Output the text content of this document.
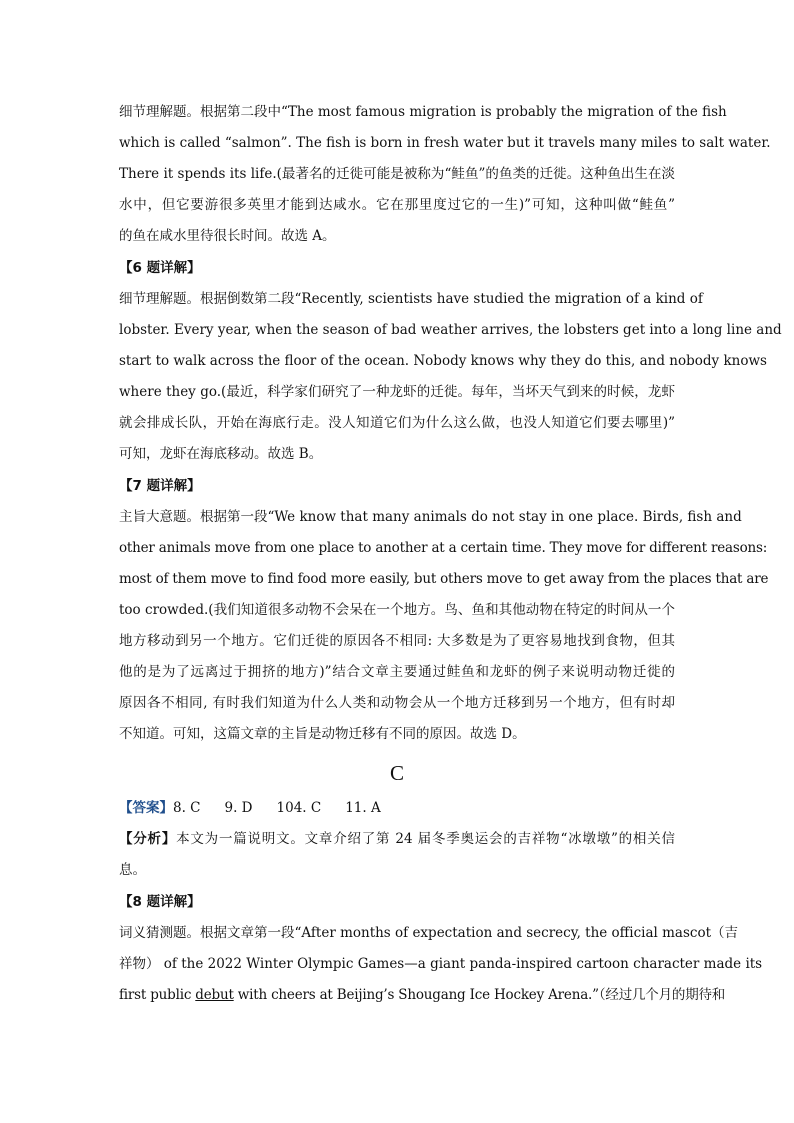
细节理解题。根据第二段中“The most famous migration is probably the migration of the fish
which is called “salmon”. The fish is born in fresh water but it travels many miles to salt water.
There it spends its life.(最著名的迁徙可能是被称为“鲑鱼”的鱼类的迁徙。这种鱼出生在淡
水中，但它要游很多英里才能到达咸水。它在那里度过它的一生)”可知，这种叫做“鲑鱼”
的鱼在咸水里待很长时间。故选 A。
【6 题详解】
细节理解题。根据倒数第二段“Recently, scientists have studied the migration of a kind of
lobster. Every year, when the season of bad weather arrives, the lobsters get into a long line and
start to walk across the floor of the ocean. Nobody knows why they do this, and nobody knows
where they go.(最近，科学家们研究了一种龙虾的迁徙。每年，当坏天气到来的时候，龙虾
就会排成长队，开始在海底行走。没人知道它们为什么这么做，也没人知道它们要去哪里)”
可知，龙虾在海底移动。故选 B。
【7 题详解】
主旨大意题。根据第一段“We know that many animals do not stay in one place. Birds, fish and
other animals move from one place to another at a certain time. They move for different reasons:
most of them move to find food more easily, but others move to get away from the places that are
too crowded.(我们知道很多动物不会呆在一个地方。鸟、鱼和其他动物在特定的时间从一个
地方移动到另一个地方。它们迁徙的原因各不相同: 大多数是为了更容易地找到食物，但其
他的是为了远离过于拥挤的地方)”结合文章主要通过鲑鱼和龙虾的例子来说明动物迁徙的
原因各不相同, 有时我们知道为什么人类和动物会从一个地方迁移到另一个地方，但有时却
不知道。可知，这篇文章的主旨是动物迁移有不同的原因。故选 D。
C
【答案】8. C 9. D 104. C 11. A
【分析】本文为一篇说明文。文章介绍了第 24 届冬季奥运会的吉祥物“冰墩墩”的相关信
息。
【8 题详解】
词义猜测题。根据文章第一段“After months of expectation and secrecy, the official mascot（吉
祥物） of the 2022 Winter Olympic Games—a giant panda-inspired cartoon character made its
first public debut with cheers at Beijing’s Shougang Ice Hockey Arena.”（经过几个月的期待和
